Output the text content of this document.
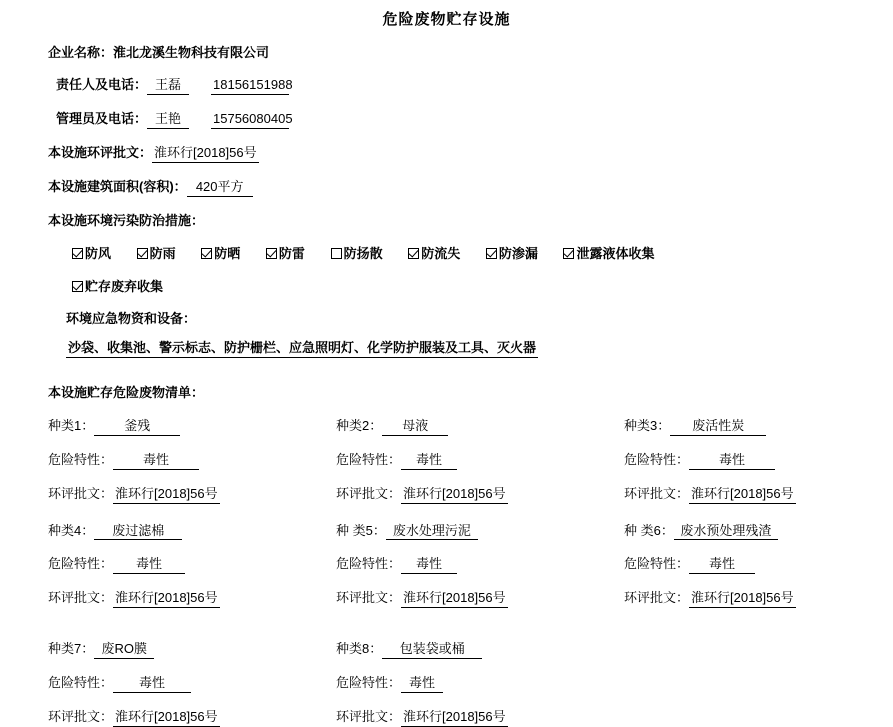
危险废物贮存设施
企业名称：淮北龙溪生物科技有限公司
责任人及电话： 王磊 18156151988
管理员及电话： 王艳 15756080405
本设施环评批文： 淮环行[2018]56号
本设施建筑面积(容积)： 420平方
本设施环境污染防治措施：
防风	防雨	防晒	防雷	防扬散	防流失	防渗漏	泄露液体收集
贮存废弃收集
环境应急物资和设备：
沙袋、收集池、警示标志、防护栅栏、应急照明灯、化学防护服装及工具、灭火器
本设施贮存危险废物清单：
种类1： 釜残
危险特性： 毒性
环评批文： 淮环行[2018]56号
种类2： 母液
危险特性： 毒性
环评批文： 淮环行[2018]56号
种类3： 废活性炭
危险特性： 毒性
环评批文： 淮环行[2018]56号
种类4： 废过滤棉
危险特性： 毒性
环评批文： 淮环行[2018]56号
种 类5： 废水处理污泥
危险特性： 毒性
环评批文： 淮环行[2018]56号
种 类6： 废水预处理残渣
危险特性： 毒性
环评批文： 淮环行[2018]56号
种类7： 废RO膜
危险特性： 毒性
环评批文： 淮环行[2018]56号
种类8： 包装袋或桶
危险特性： 毒性
环评批文： 淮环行[2018]56号
